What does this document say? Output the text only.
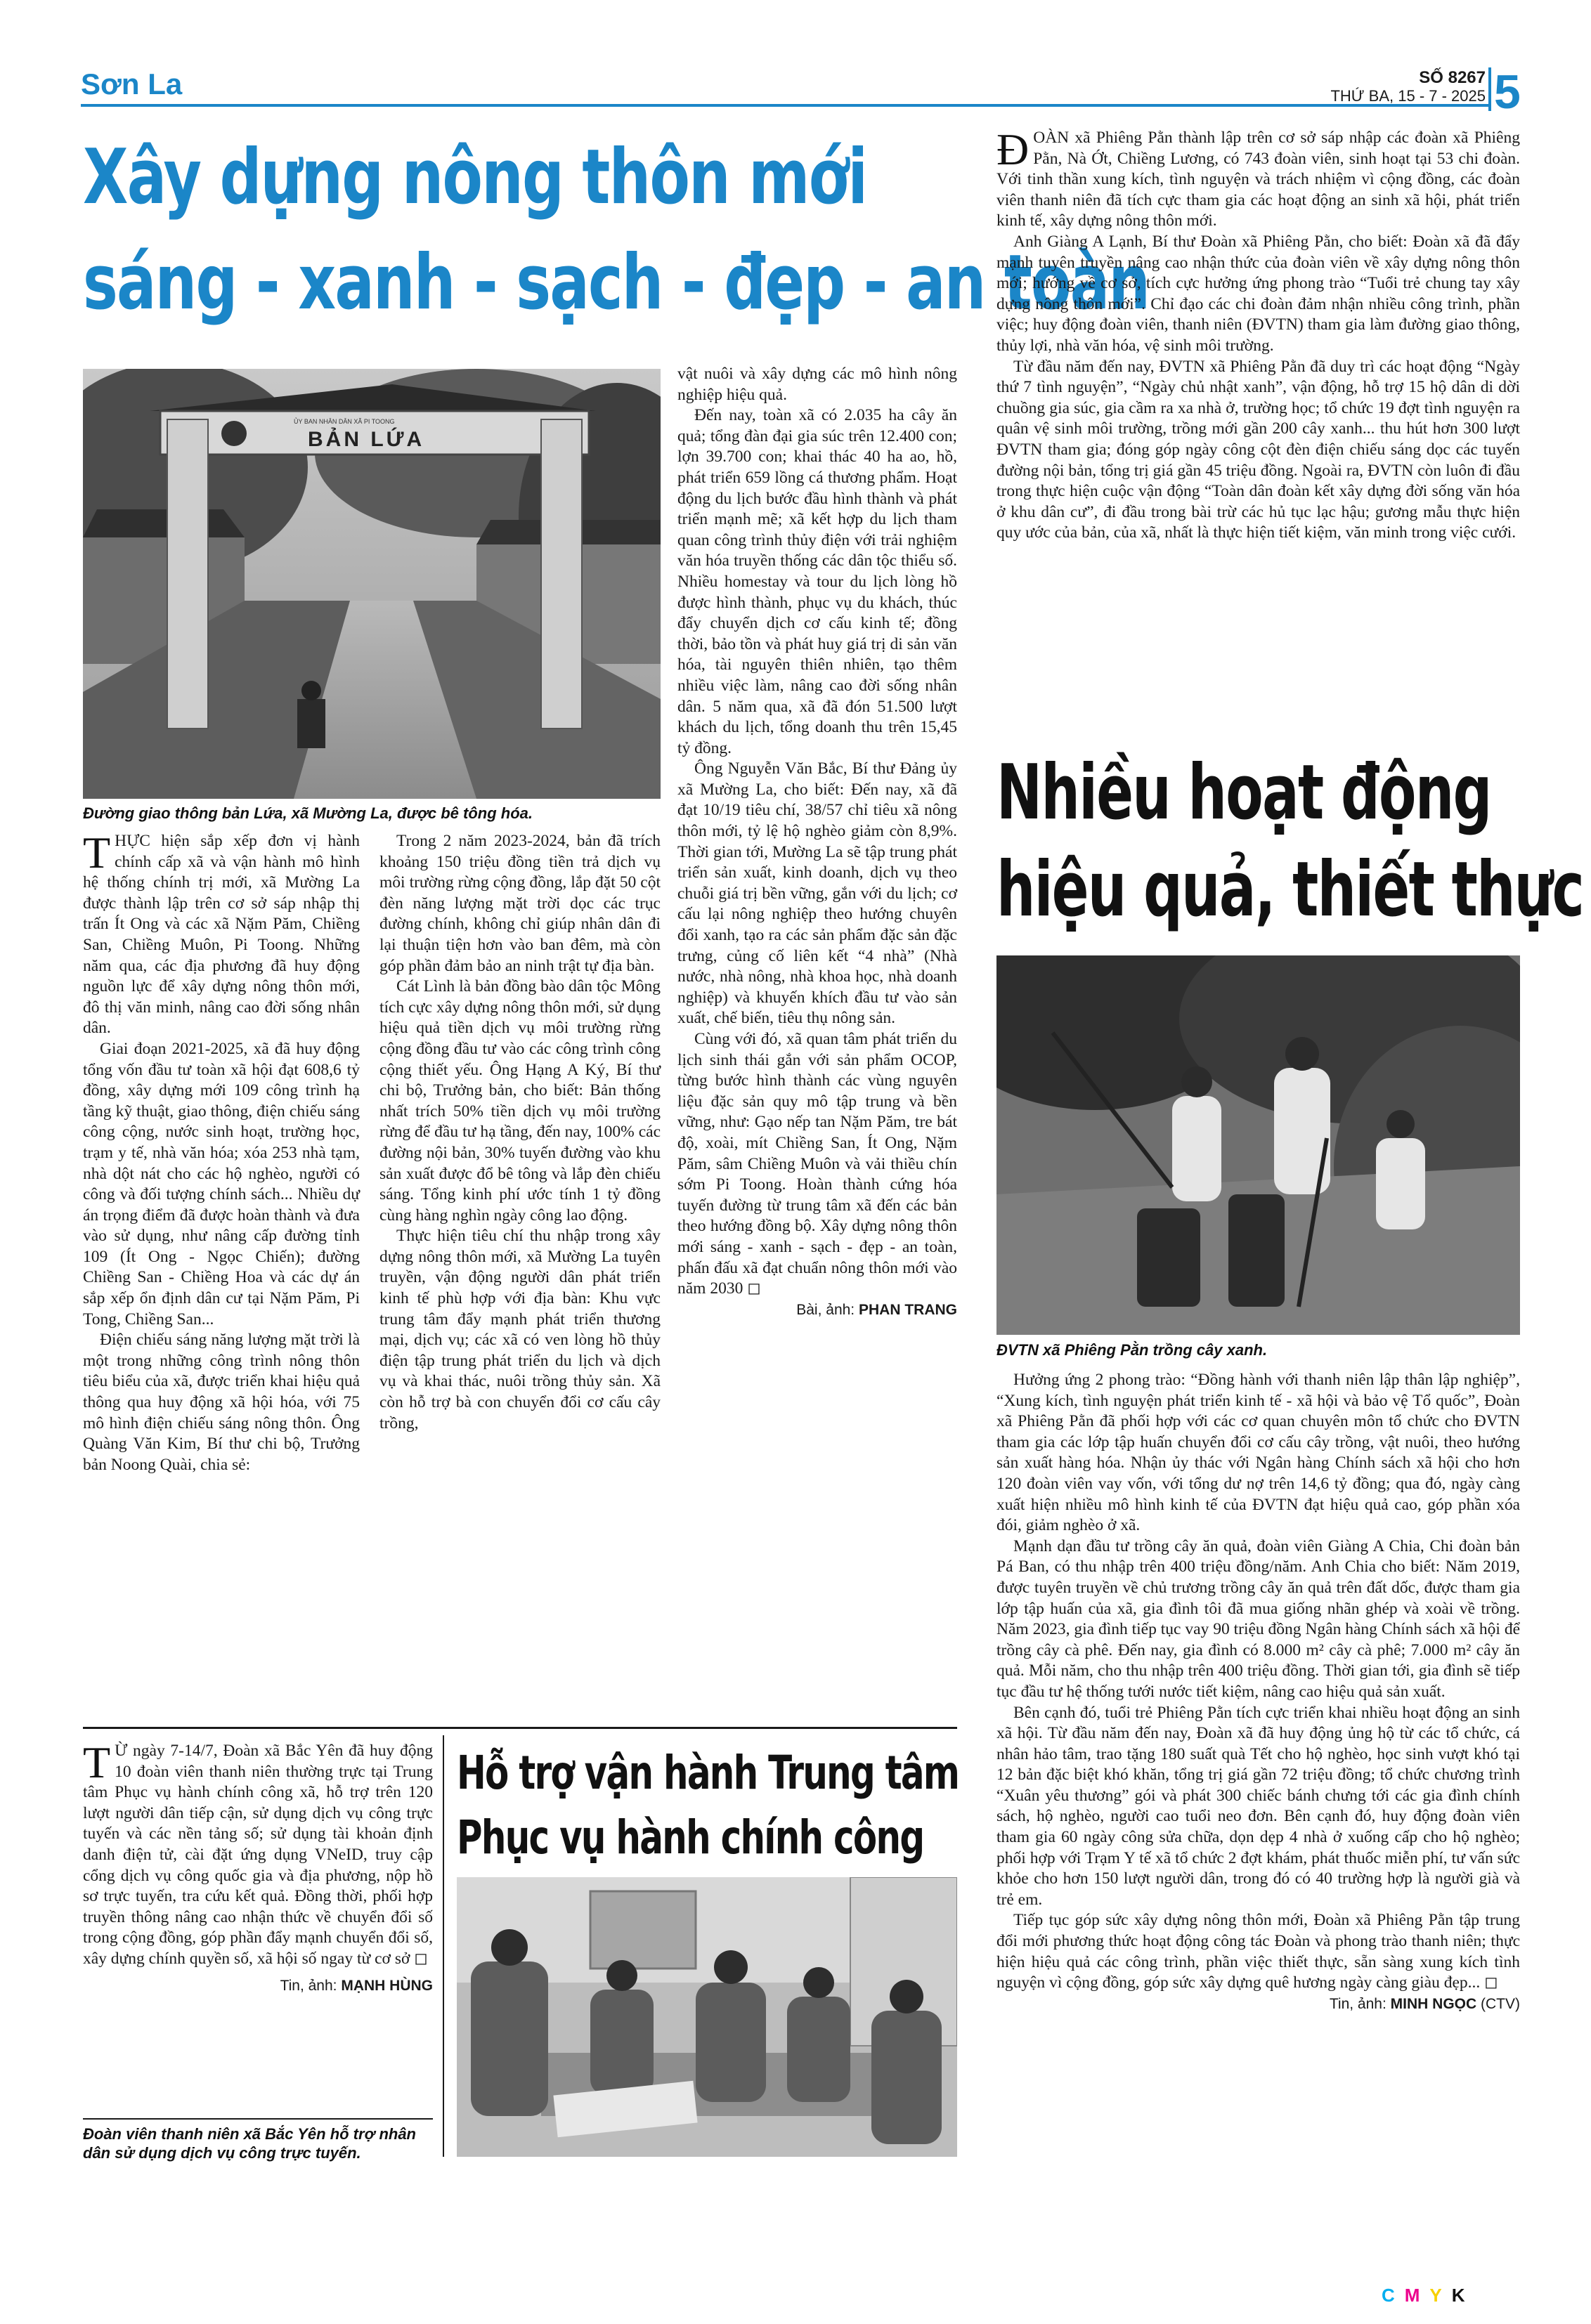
Sơn La	SỐ 8267
THỨ BA, 15 - 7 - 2025 5
Xây dựng nông thôn mới
sáng - xanh - sạch - đẹp - an toàn
ỦY BAN NHÂN DÂN XÃ PI TOONG
BẢN LỨA
Đường giao thông bản Lứa, xã Mường La, được bê tông hóa.

THỰC hiện sắp xếp đơn vị hành chính cấp xã và vận hành mô hình hệ thống chính trị mới, xã Mường La được thành lập trên cơ sở sáp nhập thị trấn Ít Ong và các xã Nặm Păm, Chiềng San, Chiềng Muôn, Pi Toong. Những năm qua, các địa phương đã huy động nguồn lực để xây dựng nông thôn mới, đô thị văn minh, nâng cao đời sống nhân dân.

Giai đoạn 2021-2025, xã đã huy động tổng vốn đầu tư toàn xã hội đạt 608,6 tỷ đồng, xây dựng mới 109 công trình hạ tầng kỹ thuật, giao thông, điện chiếu sáng công cộng, nước sinh hoạt, trường học, trạm y tế, nhà văn hóa; xóa 253 nhà tạm, nhà dột nát cho các hộ nghèo, người có công và đối tượng chính sách... Nhiều dự án trọng điểm đã được hoàn thành và đưa vào sử dụng, như nâng cấp đường tỉnh 109 (Ít Ong - Ngọc Chiến); đường Chiềng San - Chiềng Hoa và các dự án sắp xếp ổn định dân cư tại Nặm Păm, Pi Tong, Chiềng San...

Điện chiếu sáng năng lượng mặt trời là một trong những công trình nông thôn tiêu biểu của xã, được triển khai hiệu quả thông qua huy động xã hội hóa, với 75 mô hình điện chiếu sáng nông thôn. Ông Quàng Văn Kim, Bí thư chi bộ, Trưởng bản Noong Quài, chia sẻ:

Trong 2 năm 2023-2024, bản đã trích khoảng 150 triệu đồng tiền trả dịch vụ môi trường rừng cộng đồng, lắp đặt 50 cột đèn năng lượng mặt trời dọc các trục đường chính, không chỉ giúp nhân dân đi lại thuận tiện hơn vào ban đêm, mà còn góp phần đảm bảo an ninh trật tự địa bàn.

Cát Lình là bản đồng bào dân tộc Mông tích cực xây dựng nông thôn mới, sử dụng hiệu quả tiền dịch vụ môi trường rừng cộng đồng đầu tư vào các công trình công cộng thiết yếu. Ông Hạng A Ký, Bí thư chi bộ, Trưởng bản, cho biết: Bản thống nhất trích 50% tiền dịch vụ môi trường rừng để đầu tư hạ tầng, đến nay, 100% các đường nội bản, 30% tuyến đường vào khu sản xuất được đổ bê tông và lắp đèn chiếu sáng. Tổng kinh phí ước tính 1 tỷ đồng cùng hàng nghìn ngày công lao động.

Thực hiện tiêu chí thu nhập trong xây dựng nông thôn mới, xã Mường La tuyên truyền, vận động người dân phát triển kinh tế phù hợp với địa bàn: Khu vực trung tâm đẩy mạnh phát triển thương mại, dịch vụ; các xã có ven lòng hồ thủy điện tập trung phát triển du lịch và dịch vụ và khai thác, nuôi trồng thủy sản. Xã còn hỗ trợ bà con chuyển đổi cơ cấu cây trồng,

vật nuôi và xây dựng các mô hình nông nghiệp hiệu quả.

Đến nay, toàn xã có 2.035 ha cây ăn quả; tổng đàn đại gia súc trên 12.400 con; lợn 39.700 con; khai thác 40 ha ao, hồ, phát triển 659 lồng cá thương phẩm. Hoạt động du lịch bước đầu hình thành và phát triển mạnh mẽ; xã kết hợp du lịch tham quan công trình thủy điện với trải nghiệm văn hóa truyền thống các dân tộc thiểu số. Nhiều homestay và tour du lịch lòng hồ được hình thành, phục vụ du khách, thúc đẩy chuyển dịch cơ cấu kinh tế; đồng thời, bảo tồn và phát huy giá trị di sản văn hóa, tài nguyên thiên nhiên, tạo thêm nhiều việc làm, nâng cao đời sống nhân dân. 5 năm qua, xã đã đón 51.500 lượt khách du lịch, tổng doanh thu trên 15,45 tỷ đồng.

Ông Nguyễn Văn Bắc, Bí thư Đảng ủy xã Mường La, cho biết: Đến nay, xã đã đạt 10/19 tiêu chí, 38/57 chỉ tiêu xã nông thôn mới, tỷ lệ hộ nghèo giảm còn 8,9%. Thời gian tới, Mường La sẽ tập trung phát triển sản xuất, kinh doanh, dịch vụ theo chuỗi giá trị bền vững, gắn với du lịch; cơ cấu lại nông nghiệp theo hướng chuyên đổi xanh, tạo ra các sản phẩm đặc sản đặc trưng, củng cố liên kết “4 nhà” (Nhà nước, nhà nông, nhà khoa học, nhà doanh nghiệp) và khuyến khích đầu tư vào sản xuất, chế biến, tiêu thụ nông sản.

Cùng với đó, xã quan tâm phát triển du lịch sinh thái gắn với sản phẩm OCOP, từng bước hình thành các vùng nguyên liệu đặc sản quy mô tập trung và bền vững, như: Gạo nếp tan Nặm Păm, tre bát độ, xoài, mít Chiềng San, Ít Ong, Nặm Păm, sâm Chiềng Muôn và vải thiều chín sớm Pi Toong. Hoàn thành cứng hóa tuyến đường từ trung tâm xã đến các bản theo hướng đồng bộ. Xây dựng nông thôn mới sáng - xanh - sạch - đẹp - an toàn, phấn đấu xã đạt chuẩn nông thôn mới vào năm 2030 ◻

Bài, ảnh: PHAN TRANG

ĐOÀN xã Phiêng Pằn thành lập trên cơ sở sáp nhập các đoàn xã Phiêng Pằn, Nà Ớt, Chiềng Lương, có 743 đoàn viên, sinh hoạt tại 53 chi đoàn. Với tinh thần xung kích, tình nguyện và trách nhiệm vì cộng đồng, các đoàn viên thanh niên đã tích cực tham gia các hoạt động an sinh xã hội, phát triển kinh tế, xây dựng nông thôn mới.

Anh Giàng A Lạnh, Bí thư Đoàn xã Phiêng Pằn, cho biết: Đoàn xã đã đẩy mạnh tuyên truyền nâng cao nhận thức của đoàn viên về xây dựng nông thôn mới; hướng về cơ sở, tích cực hưởng ứng phong trào “Tuổi trẻ chung tay xây dựng nông thôn mới”. Chỉ đạo các chi đoàn đảm nhận nhiều công trình, phần việc; huy động đoàn viên, thanh niên (ĐVTN) tham gia làm đường giao thông, thủy lợi, nhà văn hóa, vệ sinh môi trường.

Từ đầu năm đến nay, ĐVTN xã Phiêng Pằn đã duy trì các hoạt động “Ngày thứ 7 tình nguyện”, “Ngày chủ nhật xanh”, vận động, hỗ trợ 15 hộ dân di dời chuồng gia súc, gia cầm ra xa nhà ở, trường học; tổ chức 19 đợt tình nguyện ra quân vệ sinh môi trường, trồng mới gần 200 cây xanh... thu hút hơn 300 lượt ĐVTN tham gia; đóng góp ngày công cột đèn điện chiếu sáng dọc các tuyến đường nội bản, tổng trị giá gần 45 triệu đồng. Ngoài ra, ĐVTN còn luôn đi đầu trong thực hiện cuộc vận động “Toàn dân đoàn kết xây dựng đời sống văn hóa ở khu dân cư”, đi đầu trong bài trừ các hủ tục lạc hậu; gương mẫu thực hiện quy ước của bản, của xã, nhất là thực hiện tiết kiệm, văn minh trong việc cưới.

Nhiều hoạt động
hiệu quả, thiết thực
ĐVTN xã Phiêng Pằn trồng cây xanh.

Hưởng ứng 2 phong trào: “Đồng hành với thanh niên lập thân lập nghiệp”, “Xung kích, tình nguyện phát triển kinh tế - xã hội và bảo vệ Tổ quốc”, Đoàn xã Phiêng Pằn đã phối hợp với các cơ quan chuyên môn tổ chức cho ĐVTN tham gia các lớp tập huấn chuyển đổi cơ cấu cây trồng, vật nuôi, theo hướng sản xuất hàng hóa. Nhận ủy thác với Ngân hàng Chính sách xã hội cho hơn 120 đoàn viên vay vốn, với tổng dư nợ trên 14,6 tỷ đồng; qua đó, ngày càng xuất hiện nhiều mô hình kinh tế của ĐVTN đạt hiệu quả cao, góp phần xóa đói, giảm nghèo ở xã.

Mạnh dạn đầu tư trồng cây ăn quả, đoàn viên Giàng A Chia, Chi đoàn bản Pá Ban, có thu nhập trên 400 triệu đồng/năm. Anh Chia cho biết: Năm 2019, được tuyên truyền về chủ trương trồng cây ăn quả trên đất dốc, được tham gia lớp tập huấn của xã, gia đình tôi đã mua giống nhãn ghép và xoài về trồng. Năm 2023, gia đình tiếp tục vay 90 triệu đồng Ngân hàng Chính sách xã hội để trồng cây cà phê. Đến nay, gia đình có 8.000 m² cây cà phê; 7.000 m² cây ăn quả. Mỗi năm, cho thu nhập trên 400 triệu đồng. Thời gian tới, gia đình sẽ tiếp tục đầu tư hệ thống tưới nước tiết kiệm, nâng cao hiệu quả sản xuất.

Bên cạnh đó, tuổi trẻ Phiêng Pằn tích cực triển khai nhiều hoạt động an sinh xã hội. Từ đầu năm đến nay, Đoàn xã đã huy động ủng hộ từ các tổ chức, cá nhân hảo tâm, trao tặng 180 suất quà Tết cho hộ nghèo, học sinh vượt khó tại 12 bản đặc biệt khó khăn, tổng trị giá gần 72 triệu đồng; tổ chức chương trình “Xuân yêu thương” gói và phát 300 chiếc bánh chưng tới các gia đình chính sách, hộ nghèo, người cao tuổi neo đơn. Bên cạnh đó, huy động đoàn viên tham gia 60 ngày công sửa chữa, dọn dẹp 4 nhà ở xuống cấp cho hộ nghèo; phối hợp với Trạm Y tế xã tổ chức 2 đợt khám, phát thuốc miễn phí, tư vấn sức khỏe cho hơn 150 lượt người dân, trong đó có 40 trường hợp là người già và trẻ em.

Tiếp tục góp sức xây dựng nông thôn mới, Đoàn xã Phiêng Pằn tập trung đổi mới phương thức hoạt động công tác Đoàn và phong trào thanh niên; thực hiện hiệu quả các công trình, phần việc thiết thực, sẵn sàng xung kích tình nguyện vì cộng đồng, góp sức xây dựng quê hương ngày càng giàu đẹp... ◻

Tin, ảnh: MINH NGỌC (CTV)

T Ừ ngày 7-14/7, Đoàn xã Bắc Yên đã huy động 10 đoàn viên thanh niên thường trực tại Trung tâm Phục vụ hành chính công xã, hỗ trợ trên 120 lượt người dân tiếp cận, sử dụng dịch vụ công trực tuyến và các nền tảng số; sử dụng tài khoản định danh điện tử, cài đặt ứng dụng VNeID, truy cập cổng dịch vụ công quốc gia và địa phương, nộp hồ sơ trực tuyến, tra cứu kết quả. Đồng thời, phối hợp truyền thông nâng cao nhận thức về chuyển đổi số trong cộng đồng, góp phần đẩy mạnh chuyển đổi số, xây dựng chính quyền số, xã hội số ngay từ cơ sở ◻

Tin, ảnh: MẠNH HÙNG
Đoàn viên thanh niên xã Bắc Yên hỗ trợ nhân dân sử dụng dịch vụ công trực tuyến.
Hỗ trợ vận hành Trung tâm
Phục vụ hành chính công
CMYK
